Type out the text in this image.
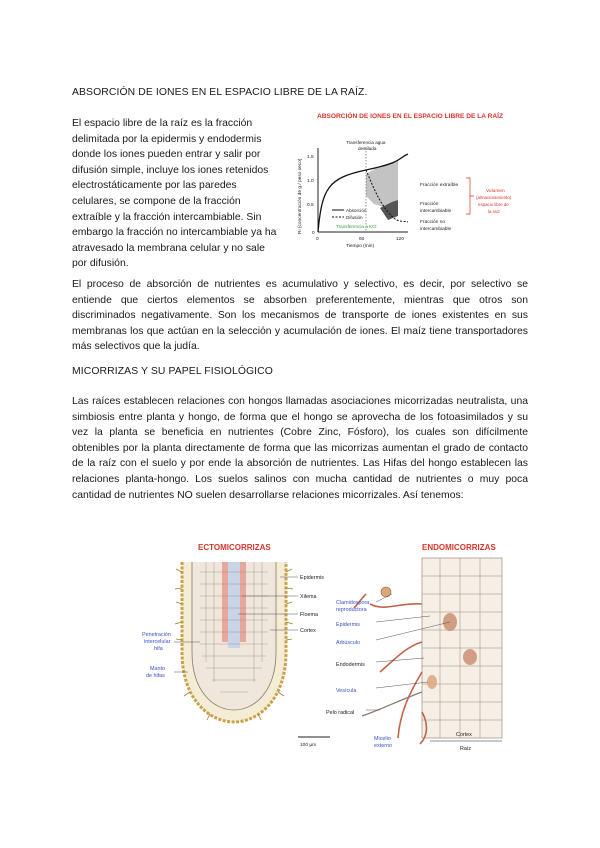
ABSORCIÓN DE IONES EN EL ESPACIO LIBRE DE LA RAÍZ.
El espacio libre de la raíz es la fracción
delimitada por la epidermis y endodermis
donde los iones pueden entrar y salir por
difusión simple, incluye los iones retenidos
electrostáticamente por las paredes
celulares, se compone de la fracción
extraíble y la fracción intercambiable. Sin
embargo la fracción no intercambiable ya ha
atravesado la membrana celular y no sale
por difusión.
ABSORCIÓN DE IONES EN EL ESPACIO LIBRE DE LA RAÍZ
Ri (concentración de g / peso seco)
1.5
1.0
0.5
0
0	60	120
Tiempo (min)
Transferencia agua
destilada
Absorción
Difusión
Transferencia a KCl
Fracción extraíble
Fracción
intercambiable
Fracción no
intercambiable
Volumen
(almacenamiento)
espacio libre de
la raíz
El proceso de absorción de nutrientes es acumulativo y selectivo, es decir, por selectivo se entiende que ciertos elementos se absorben preferentemente, mientras que otros son discriminados negativamente. Son los mecanismos de transporte de iones existentes en sus membranas los que actúan en la selección y acumulación de iones. El maíz tiene transportadores más selectivos que la judía.
MICORRIZAS Y SU PAPEL FISIOLÓGICO
Las raíces establecen relaciones con hongos llamadas asociaciones micorrizadas neutralista, una simbiosis entre planta y hongo, de forma que el hongo se aprovecha de los fotoasimilados y su vez la planta se beneficia en nutrientes (Cobre Zinc, Fósforo), los cuales son difícilmente obtenibles por la planta directamente de forma que las micorrizas aumentan el grado de contacto de la raíz con el suelo y por ende la absorción de nutrientes. Las Hifas del hongo establecen las relaciones planta-hongo. Los suelos salinos con mucha cantidad de nutrientes o muy poca cantidad de nutrientes NO suelen desarrollarse relaciones micorrizales. Así tenemos:
ECTOMICORRIZAS	ENDOMICORRIZAS
Epidermis
Xilema
Floema
Cortex
Penetración
intercelular
hifa
Manto
de hifas
100 µm
Clamidospora
reproductora
Epidermis
Arbúsculo
Endodermis
Vesícula
Pelo radical
Micelio
externo
Cortex
Raíz
